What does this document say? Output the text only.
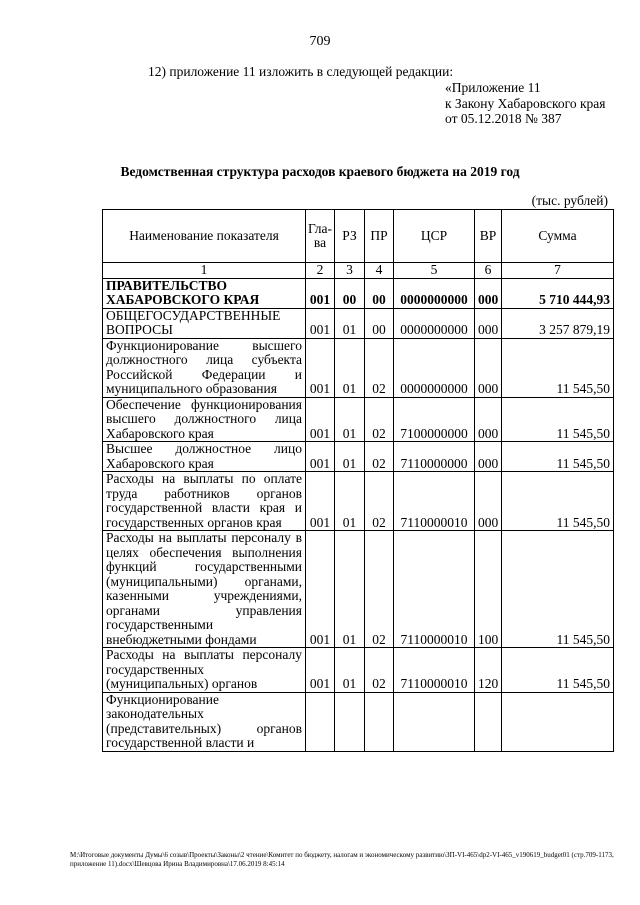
709
12) приложение 11 изложить в следующей редакции:
«Приложение 11
к Закону Хабаровского края
от 05.12.2018 № 387
Ведомственная структура расходов краевого бюджета на 2019 год
(тыс. рублей)
Наименование показателя	Гла-ва	РЗ	ПР	ЦСР	ВР	Сумма
1	2	3	4	5	6	7
ПРАВИТЕЛЬСТВО ХАБАРОВСКОГО КРАЯ	001	00	00	0000000000	000	5 710 444,93
ОБЩЕГОСУДАРСТВЕННЫЕ ВОПРОСЫ	001	01	00	0000000000	000	3 257 879,19
Функционирование высшего должностного лица субъекта Российской Федерации и муниципального образования	001	01	02	0000000000	000	11 545,50
Обеспечение функционирования высшего должностного лица Хабаровского края	001	01	02	7100000000	000	11 545,50
Высшее должностное лицо Хабаровского края	001	01	02	7110000000	000	11 545,50
Расходы на выплаты по оплате труда работников органов государственной власти края и государственных органов края	001	01	02	7110000010	000	11 545,50
Расходы на выплаты персоналу в целях обеспечения выполнения функций государственными (муниципальными) органами, казенными учреждениями, органами управления государственными внебюджетными фондами	001	01	02	7110000010	100	11 545,50
Расходы на выплаты персоналу государственных (муниципальных) органов	001	01	02	7110000010	120	11 545,50
Функционирование законодательных (представительных) органов государственной власти и						
М:\Итоговые документы Думы\6 созыв\Проекты\Законы\2 чтение\Комитет по бюджету, налогам и экономическому развитию\ЗП-VI-465\dp2-VI-465_v190619_budget01 (стр.709-1173, приложение 11).docx\Шевцова Ирина Владимировна\17.06.2019 8:45:14
